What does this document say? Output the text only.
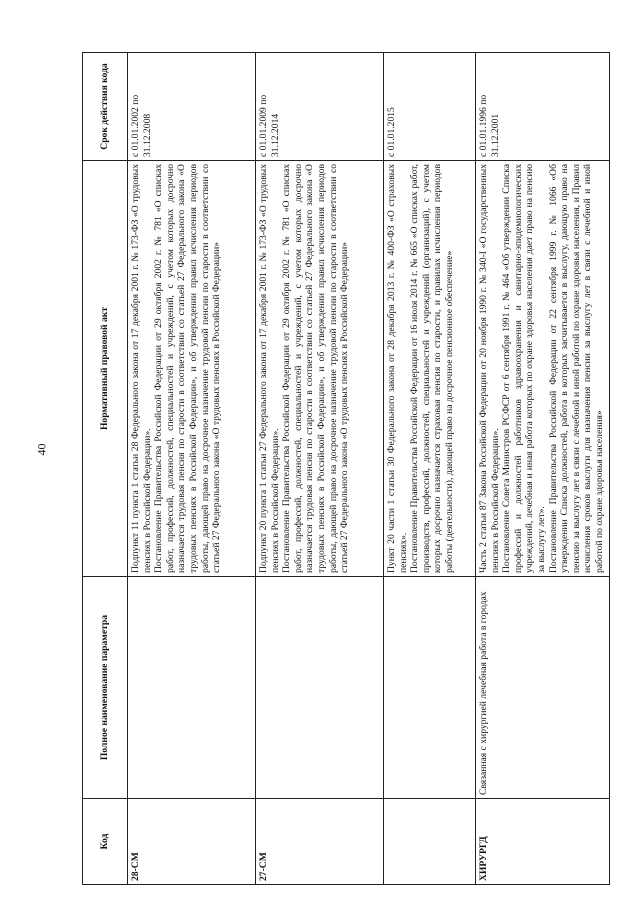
40
Код	Полное наименование параметра	Нормативный правовой акт	Срок действия кода
28-СМ		Подпункт 11 пункта 1 статьи 28 Федерального закона от 17 декабря 2001 г. № 173-ФЗ «О трудовых пенсиях в Российской Федерации». Постановление Правительства Российской Федерации от 29 октября 2002 г. № 781 «О списках работ, профессий, должностей, специальностей и учреждений, с учетом которых досрочно назначается трудовая пенсия по старости в соответствии со статьей 27 Федерального закона «О трудовых пенсиях в Российской Федерации», и об утверждении правил исчисления периодов работы, дающей право на досрочное назначение трудовой пенсии по старости в соответствии со статьей 27 Федерального закона «О трудовых пенсиях в Российской Федерации»	с 01.01.2002 по 31.12.2008
27-СМ		Подпункт 20 пункта 1 статьи 27 Федерального закона от 17 декабря 2001 г. № 173-ФЗ «О трудовых пенсиях в Российской Федерации». Постановление Правительства Российской Федерации от 29 октября 2002 г. № 781 «О списках работ, профессий, должностей, специальностей и учреждений, с учетом которых досрочно назначается трудовая пенсия по старости в соответствии со статьей 27 Федерального закона «О трудовых пенсиях в Российской Федерации», и об утверждении правил исчисления периодов работы, дающей право на досрочное назначение трудовой пенсии по старости в соответствии со статьей 27 Федерального закона «О трудовых пенсиях в Российской Федерации»	с 01.01.2009 по 31.12.2014

		Пункт 20 части 1 статьи 30 Федерального закона от 28 декабря 2013 г. № 400-ФЗ «О страховых пенсиях». Постановление Правительства Российской Федерации от 16 июля 2014 г. № 665 «О списках работ, производств, профессий, должностей, специальностей и учреждений (организаций), с учетом которых досрочно назначается страховая пенсия по старости, и правилах исчисления периодов работы (деятельности), дающей право на досрочное пенсионное обеспечение»	с 01.01.2015
ХИРУРГД	Связанная с хирургией лечебная работа в городах	Часть 2 статьи 87 Закона Российской Федерации от 20 ноября 1990 г. № 340-I «О государственных пенсиях в Российской Федерации». Постановление Совета Министров РСФСР от 6 сентября 1991 г. № 464 «Об утверждении Списка профессий и должностей работников здравоохранения и санитарно-эпидемиологических учреждений, лечебная и иная работа которых по охране здоровья населения дает право на пенсию за выслугу лет». Постановление Правительства Российской Федерации от 22 сентября 1999 г. № 1066 «Об утверждении Списка должностей, работа в которых засчитывается в выслугу, дающую право на пенсию за выслугу лет в связи с лечебной и иной работой по охране здоровья населения, и Правил исчисления сроков выслуги для назначения пенсии за выслугу лет в связи с лечебной и иной работой по охране здоровья населения»	с 01.01.1996 по 31.12.2001
